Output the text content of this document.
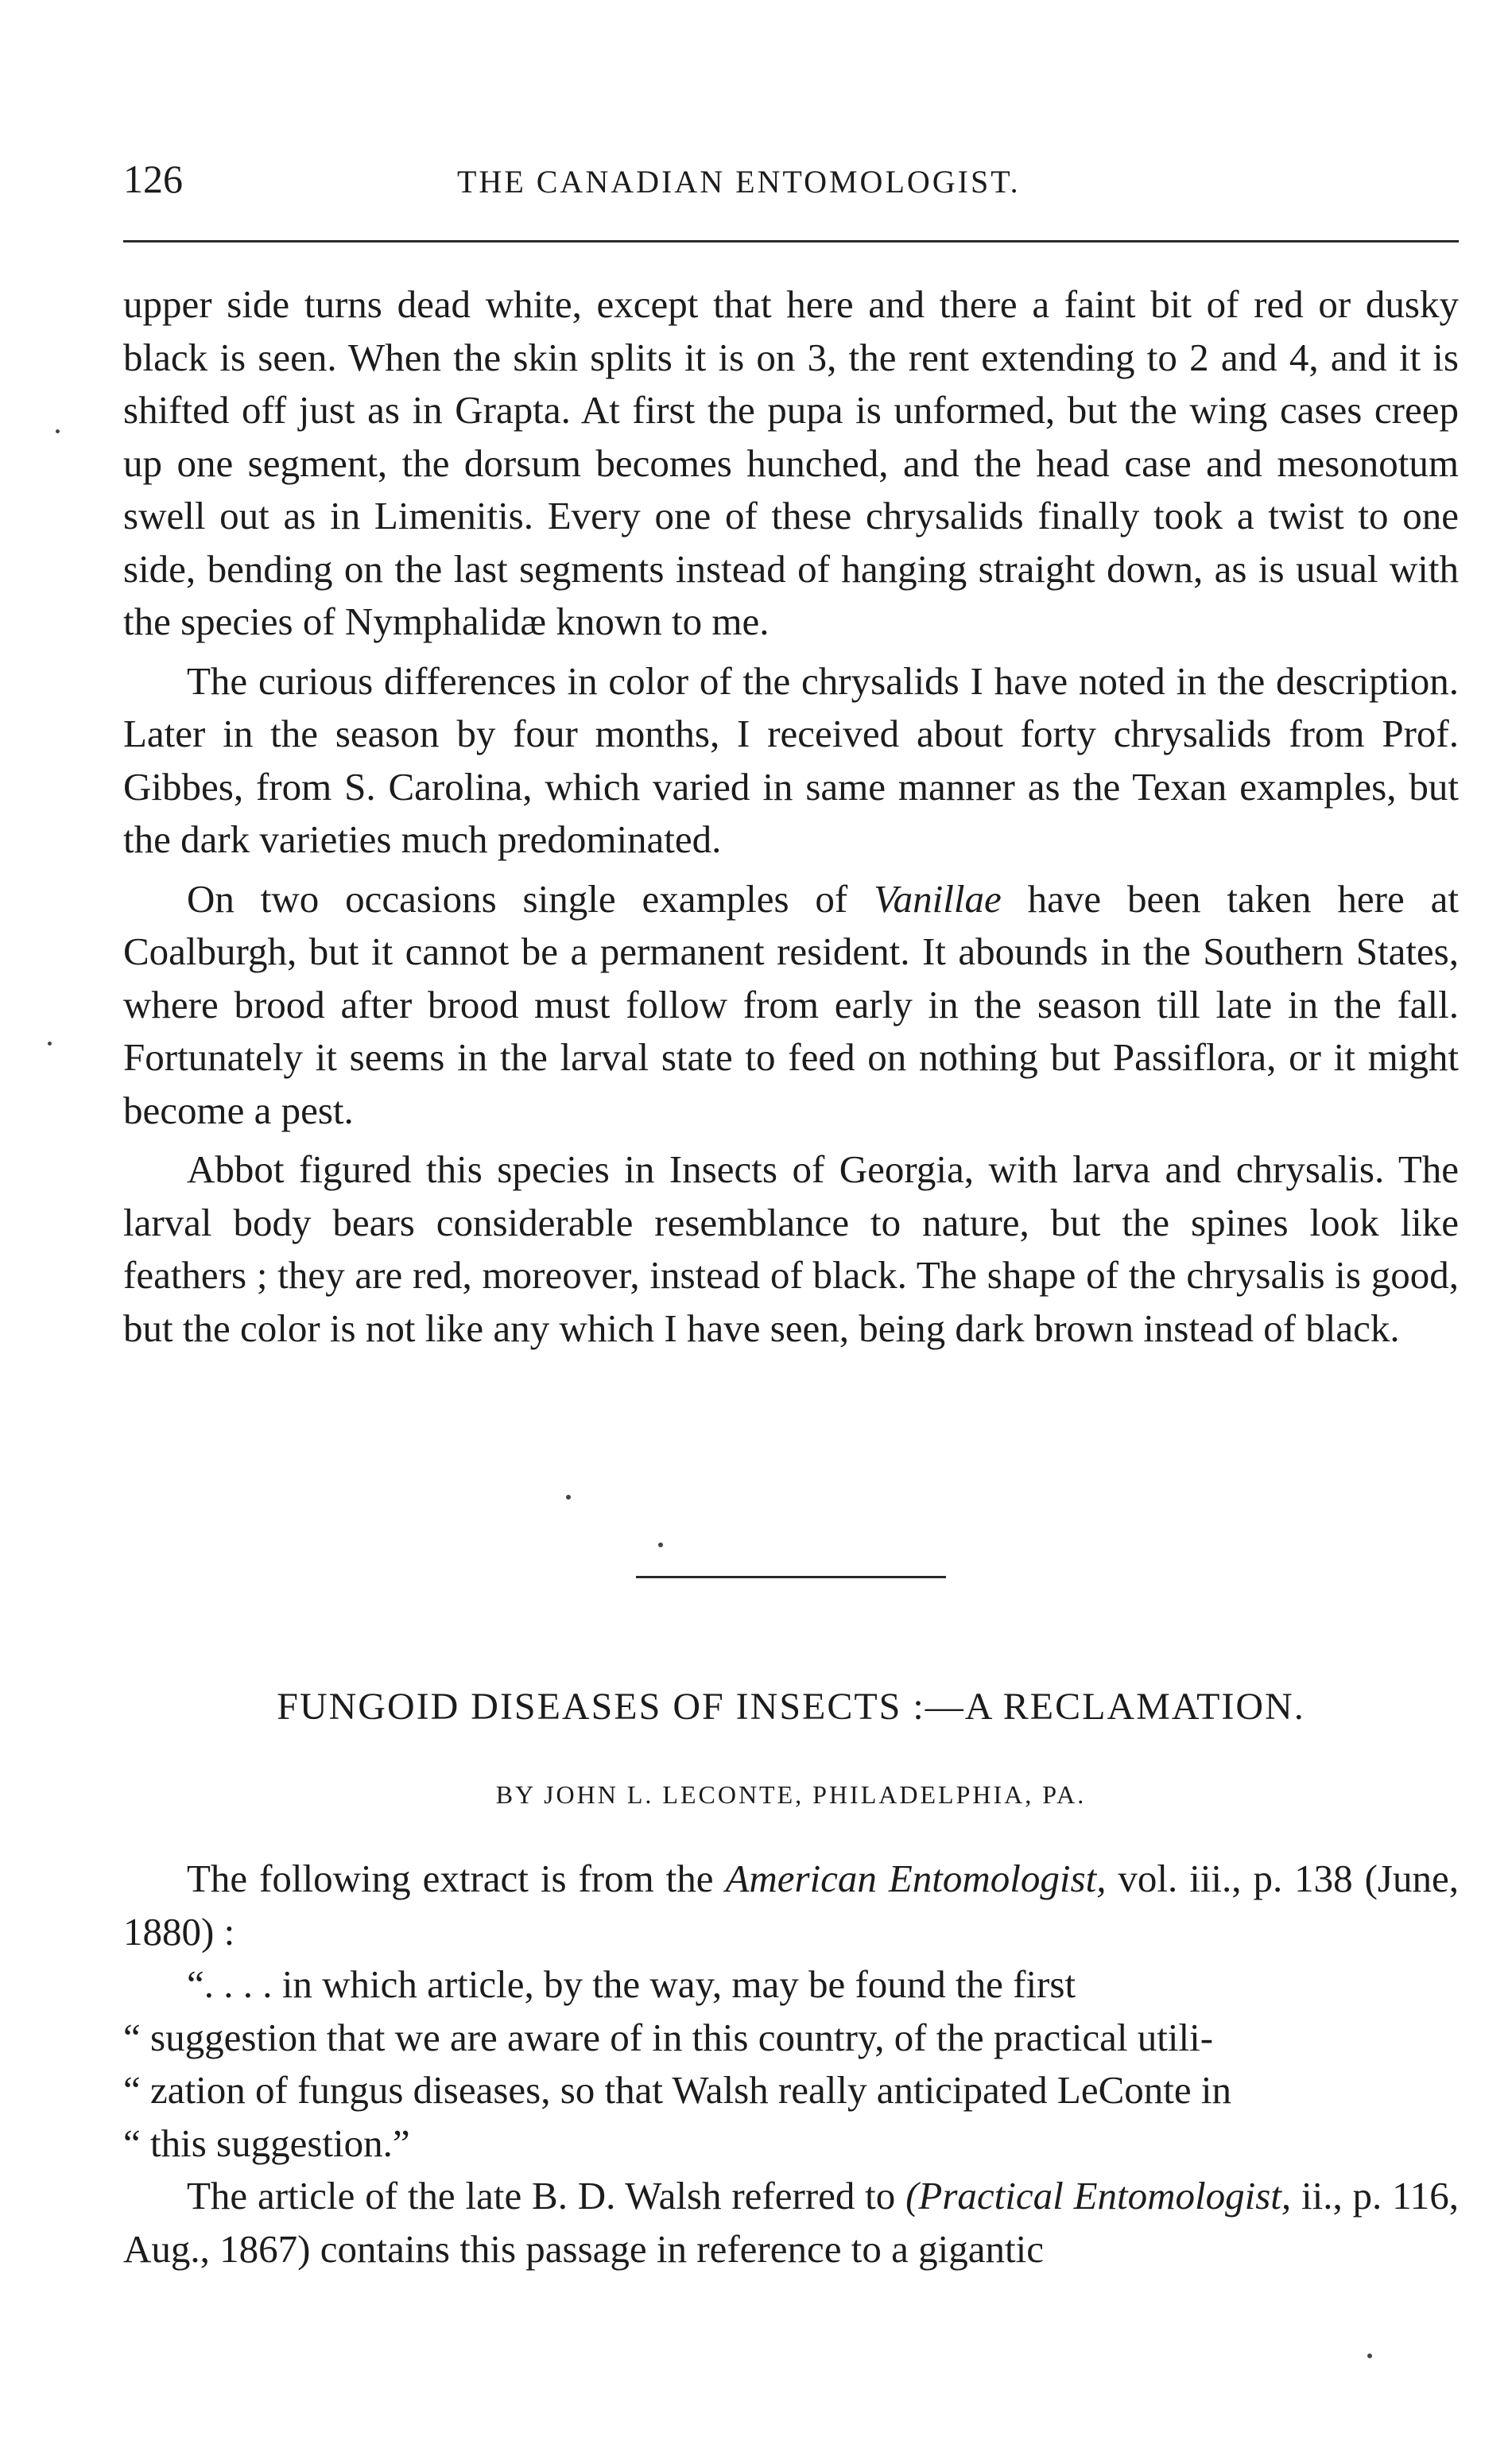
126	THE CANADIAN ENTOMOLOGIST.

upper side turns dead white, except that here and there a faint bit of red or dusky black is seen. When the skin splits it is on 3, the rent extending to 2 and 4, and it is shifted off just as in Grapta. At first the pupa is unformed, but the wing cases creep up one segment, the dorsum becomes hunched, and the head case and mesonotum swell out as in Limenitis. Every one of these chrysalids finally took a twist to one side, bending on the last segments instead of hanging straight down, as is usual with the species of Nymphalidæ known to me.

The curious differences in color of the chrysalids I have noted in the description. Later in the season by four months, I received about forty chrysalids from Prof. Gibbes, from S. Carolina, which varied in same manner as the Texan examples, but the dark varieties much predominated.

On two occasions single examples of Vanillae have been taken here at Coalburgh, but it cannot be a permanent resident. It abounds in the Southern States, where brood after brood must follow from early in the season till late in the fall. Fortunately it seems in the larval state to feed on nothing but Passiflora, or it might become a pest.

Abbot figured this species in Insects of Georgia, with larva and chrysalis. The larval body bears considerable resemblance to nature, but the spines look like feathers ; they are red, moreover, instead of black. The shape of the chrysalis is good, but the color is not like any which I have seen, being dark brown instead of black.

FUNGOID DISEASES OF INSECTS :—A RECLAMATION.
BY JOHN L. LECONTE, PHILADELPHIA, PA.

The following extract is from the American Entomologist, vol. iii., p. 138 (June, 1880) :

“. . . . in which article, by the way, may be found the first

“ suggestion that we are aware of in this country, of the practical utili-

“ zation of fungus diseases, so that Walsh really anticipated LeConte in

“ this suggestion.”

The article of the late B. D. Walsh referred to (Practical Entomologist, ii., p. 116, Aug., 1867) contains this passage in reference to a gigantic
